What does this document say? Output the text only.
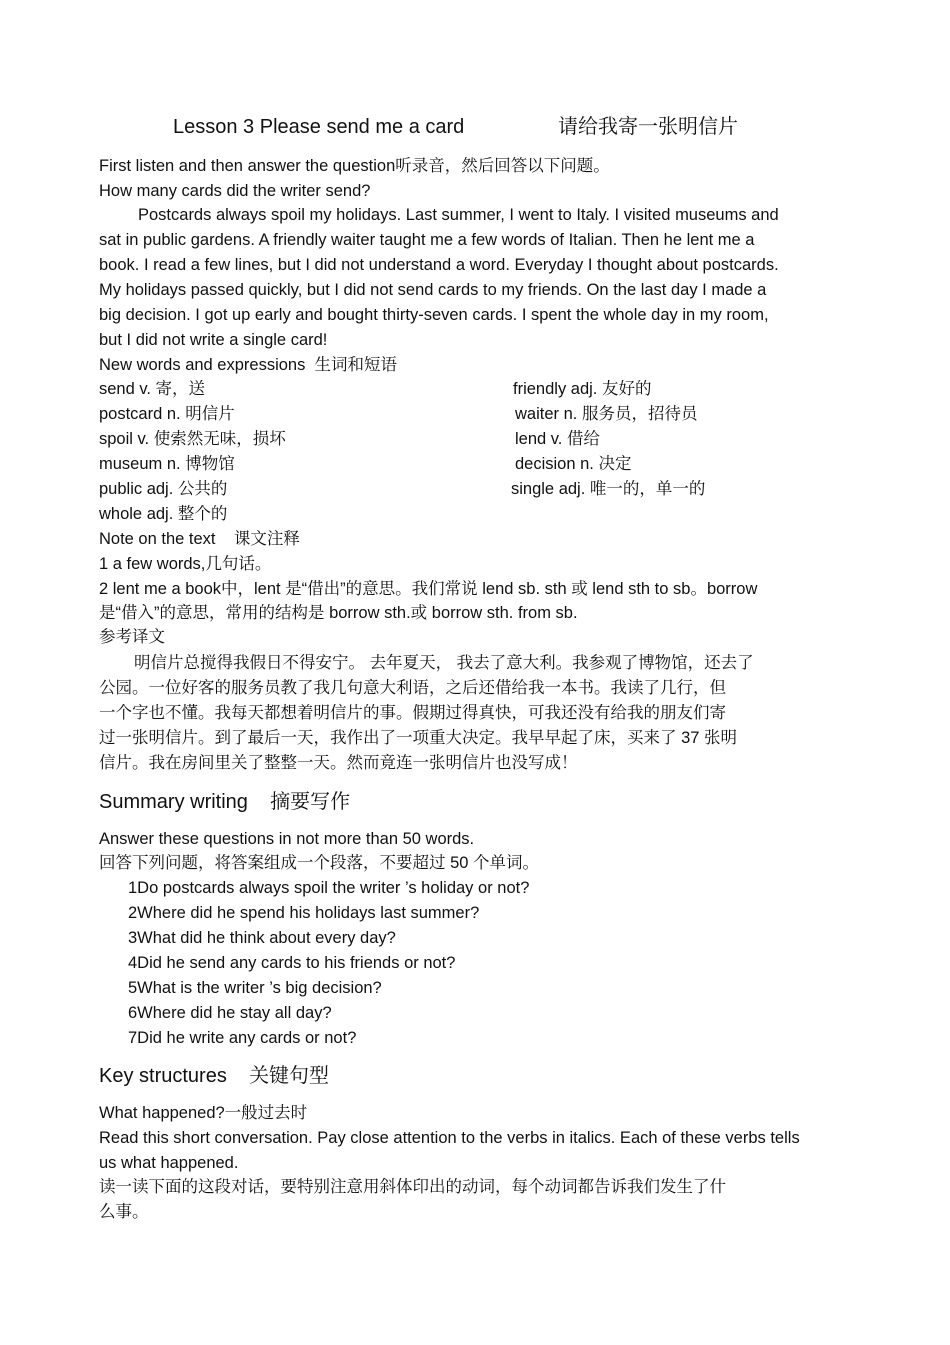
Lesson 3 Please send me a card	请给我寄一张明信片
First listen and then answer the question听录音，然后回答以下问题。
How many cards did the writer send?
Postcards always spoil my holidays. Last summer, I went to Italy. I visited museums and
sat in public gardens. A friendly waiter taught me a few words of Italian. Then he lent me a
book. I read a few lines, but I did not understand a word. Everyday I thought about postcards.
My holidays passed quickly, but I did not send cards to my friends. On the last day I made a
big decision. I got up early and bought thirty-seven cards. I spent the whole day in my room,
but I did not write a single card!
New words and expressions 生词和短语
send v. 寄，送
postcard n. 明信片
spoil v. 使索然无味，损坏
museum n. 博物馆
public adj. 公共的
whole adj. 整个的
friendly adj. 友好的
waiter n. 服务员，招待员
lend v. 借给
decision n. 决定
single adj. 唯一的，单一的
Note on the text 课文注释
1 a few words,几句话。
2 lent me a book中，lent 是“借出”的意思。我们常说 lend sb. sth 或 lend sth to sb。borrow
是“借入”的意思，常用的结构是 borrow sth.或 borrow sth. from sb.
参考译文
明信片总搅得我假日不得安宁。 去年夏天， 我去了意大利。我参观了博物馆，还去了
公园。一位好客的服务员教了我几句意大利语，之后还借给我一本书。我读了几行，但
一个字也不懂。我每天都想着明信片的事。假期过得真快，可我还没有给我的朋友们寄
过一张明信片。到了最后一天，我作出了一项重大决定。我早早起了床，买来了 37 张明
信片。我在房间里关了整整一天。然而竟连一张明信片也没写成！
Summary writing 摘要写作
Answer these questions in not more than 50 words.
回答下列问题，将答案组成一个段落，不要超过 50 个单词。
1Do postcards always spoil the writer ’s holiday or not?
2Where did he spend his holidays last summer?
3What did he think about every day?
4Did he send any cards to his friends or not?
5What is the writer ’s big decision?
6Where did he stay all day?
7Did he write any cards or not?
Key structures 关键句型
What happened?一般过去时
Read this short conversation. Pay close attention to the verbs in italics. Each of these verbs tells
us what happened.
读一读下面的这段对话，要特别注意用斜体印出的动词，每个动词都告诉我们发生了什
么事。
